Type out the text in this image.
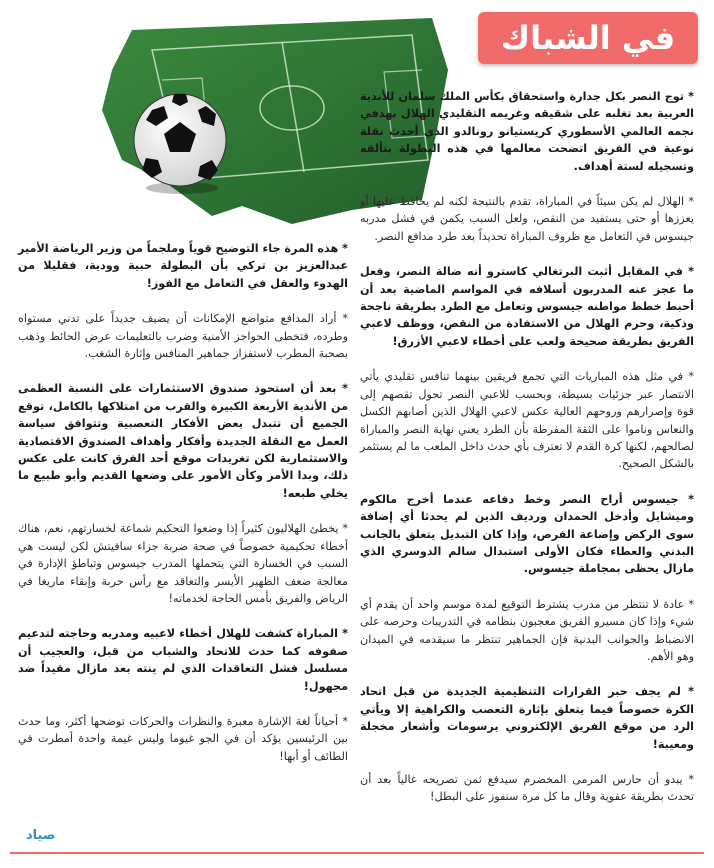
في الشباك

* توج النصر بكل جدارة واستحقاق بكأس الملك سلمان للأندية العربية بعد تغلبه على شقيقه وغريمه التقليدي الهلال بهدفي نجمه العالمي الأسطوري كريستيانو رونالدو الذي أحدث نقلة نوعية في الفريق اتضحت معالمها في هذه البطولة بتألقه وتسجيله لستة أهداف.

* الهلال لم يكن سيئاً في المباراة، تقدم بالنتيجة لكنه لم يحافظ عليها أو يعززها أو حتى يستفيد من النقص، ولعل السبب يكمن في فشل مدربه جيسوس في التعامل مع ظروف المباراة تحديداً بعد طرد مدافع النصر.

* في المقابل أثبت البرتغالي كاسترو أنه ضالة النصر، وفعل ما عجز عنه المدربون أسلافه في المواسم الماضية بعد أن أحبط خطط مواطنه جيسوس وتعامل مع الطرد بطريقة ناجحة وذكية، وحرم الهلال من الاستفادة من النقص، ووظف لاعبي الفريق بطريقة صحيحة ولعب على أخطاء لاعبي الأزرق!

* في مثل هذه المباريات التي تجمع فريقين بينهما تنافس تقليدي يأتي الانتصار عبر جزئيات بسيطة، وبحسب للاعبي النصر تحول تقصهم إلى قوة وإصرارهم وروحهم العالية عكس لاعبي الهلال الذين أصابهم الكسل والنعاس وناموا على الثقة المفرطة بأن الطرد يعني نهاية النصر والمباراة لصالحهم، لكنها كرة القدم لا تعترف بأي حدث داخل الملعب ما لم يستثمر بالشكل الصحيح.

* جيسوس أراح النصر وخط دفاعه عندما أخرج مالكوم وميشايل وأدخل الحمدان ورديف الذين لم يحدثا أي إضافة سوى الركض وإضاعة الفرص، وإذا كان التبديل يتعلق بالجانب البدني والعطاء فكان الأولى استبدال سالم الدوسري الذي مازال يحظى بمجاملة جيسوس.

* عادة لا تنتظر من مدرب يشترط التوقيع لمدة موسم واحد أن يقدم أي شيء وإذا كان مسيرو الفريق معجبون بنظامه في التدريبات وحرصه على الانضباط والجوانب البدنية فإن الجماهير تنتظر ما سيقدمه في الميدان وهو الأهم.

* لم يجف حبر القرارات التنظيمية الجديدة من قبل اتحاد الكرة خصوصاً فيما يتعلق بإثارة التعصب والكراهية إلا ويأتي الرد من موقع الفريق الإلكتروني برسومات وأشعار مخجلة ومعيبة!

* يبدو أن حارس المرمى المخضرم سيدفع ثمن تصريحه غالياً بعد أن تحدث بطريقة عفوية وقال ما كل مرة سنفوز على البطل!

* هذه المرة جاء التوضيح قوياً وملجماً من وزير الرياضة الأمير عبدالعزيز بن تركي بأن البطولة حبية وودية، فقليلا من الهدوء والعقل في التعامل مع الفوز!

* أراد المدافع متواضع الإمكانات أن يضيف جديداً على تدني مستواه وطرده، فتخطى الحواجز الأمنية وضرب بالتعليمات عرض الحائط وذهب بصحبة المطرب لاستفزاز جماهير المنافس وإثارة الشغب.

* بعد أن استحوذ صندوق الاستثمارات على النسبة العظمى من الأندية الأربعة الكبيرة والقرب من امتلاكها بالكامل، توقع الجميع أن تتبدل بعض الأفكار التعصبية وتتوافق سياسة العمل مع النقلة الجديدة وأفكار وأهداف الصندوق الاقتصادية والاستثمارية لكن تغريدات موقع أحد الفرق كانت على عكس ذلك، وبدا الأمر وكأن الأمور على وضعها القديم وأبو طبيع ما يخلي طبعه!

* يخطئ الهلاليون كثيراً إذا وضعوا التحكيم شماعة لخسارتهم، نعم، هناك أخطاء تحكيمية خصوصاً في صحة ضربة جزاء سافيتش لكن ليست هي السبب في الخسارة التي يتحملها المدرب جيسوس وتباطؤ الإدارة في معالجة ضعف الظهير الأيسر والتعاقد مع رأس حربة وإبقاء ماريغا في الرياض والفريق بأمس الحاجة لخدماته!

* المباراة كشفت للهلال أخطاء لاعبيه ومدربه وحاجته لتدعيم صفوفه كما حدث للاتحاد والشباب من قبل، والعجيب أن مسلسل فشل التعاقدات الذي لم ينته بعد مازال مقيداً ضد مجهول!

* أحياناً لغة الإشارة معبرة والنظرات والحركات توضحها أكثر، وما حدث بين الرئيسين يؤكد أن في الجو غيوما وليس غيمة واحدة أمطرت في الطائف أو أبها!

صياد
